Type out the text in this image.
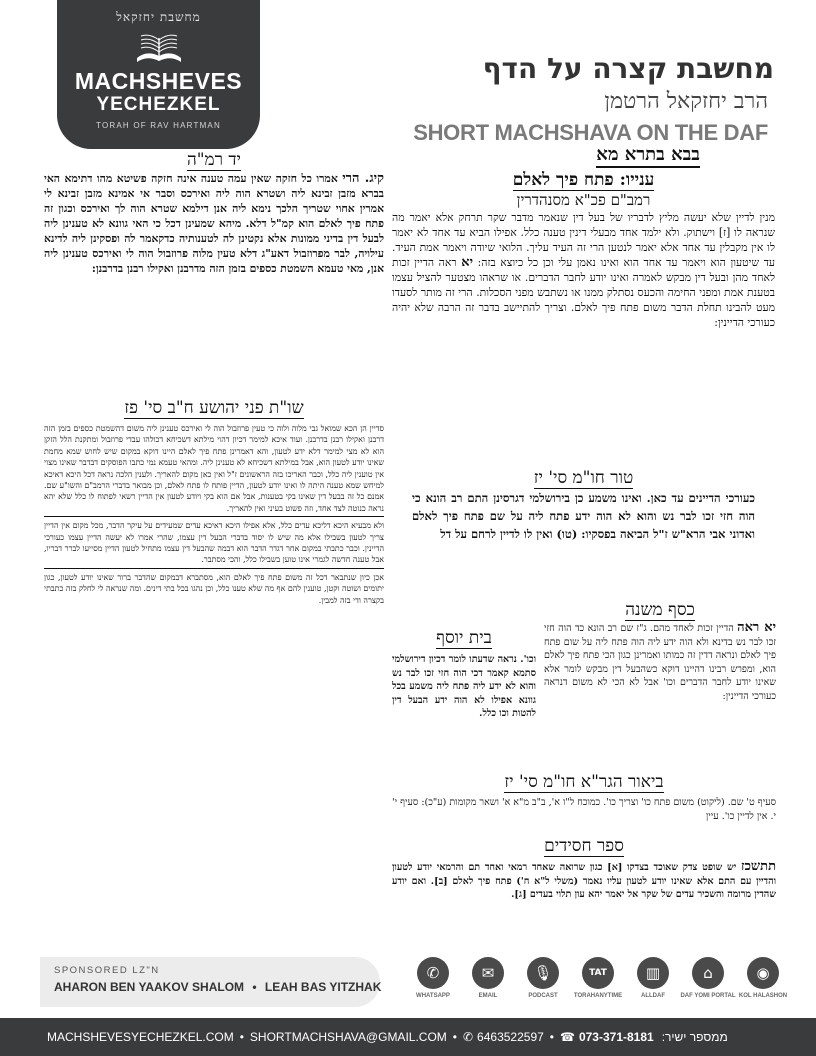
מחשבת יחזקאל
MACHSHEVES
YECHEZKEL
TORAH OF RAV HARTMAN
מחשבת קצרה על הדף
הרב יחזקאל הרטמן
SHORT MACHSHAVA ON THE DAF
בבא בתרא מא
יד רמ"ה
קיג. הרי אמרו כל חזקה שאין עמה טענה אינה חזקה פשיטא מהו דתימא האי בברא מזבן זבינא ליה ושטרא הוה ליה ואירכס וסבר אי אמינא מזבן זבינא לי אמרין אחוי שטריך הלכך נימא ליה אנן דילמא שטרא הוה לך ואירכס וכגון זה פתח פיך לאלם הוא קמ"ל דלא. מיהא שמעינן דכל כי האי גוונא לא טענינן ליה לבעל דין בדיני ממונות אלא נקטינן לה לטענותיה כדקאמר לה ופסקינן ליה לדינא עילויה, לבר מפרוזבול דאע"ג דלא טעין מלוה פרוזבול הוה לי ואירכס טענינן ליה אנן, מאי טעמא השמטת כספים בזמן הזה מדרבנן ואקילו רבנן בדרבנן:
שו"ת פני יהושע ח"ב סי' פז
סדיין הן הכא שמואל גבי מלוה ולוה כי טעין פרוזבול הוה לי ואירכס טענינן ליה משום דהשמטת כספים בזמן הזה דרבנן ואקילו רבנן בדרבנן. ועוד איכא למימר דכיון דהוי מילתא דשכיחא דכולהו עבדי פרוזבול ומתקנת הלל הזקן הוא לא מצי למימר דלא ידע לטעון, והא דאמרינן פתח פיך לאלם היינו דוקא במקום שיש לחוש שמא מחמת שאינו יודע לטעון הוא, אבל במילתא דשכיחא לא טענינן ליה. ומהאי טעמא נמי כתבו הפוסקים דבדבר שאינו מצוי אין טוענין ליה כלל, וכבר האריכו בזה הראשונים ז"ל ואין כאן מקום להאריך. ולענין הלכה נראה דכל היכא דאיכא למיחש שמא טענה היתה לו ואינו יודע לטעון, הדיין פותח לו פתח לאלם, וכן מבואר בדברי הרמב"ם והשו"ע שם. אמנם כל זה בבעל דין שאינו בקי בטענות, אבל אם הוא בקי ויודע לטעון אין הדיין רשאי לפתוח לו כלל שלא יהא נראה כנוטה לצד אחד, וזה פשוט בעיני ואין להאריך.
ולא מבעיא היכא דליכא עדים כלל, אלא אפילו היכא דאיכא עדים שמעידים על עיקר הדבר, מכל מקום אין הדיין צריך לטעון בשבילו אלא מה שיש לו יסוד בדברי הבעל דין עצמו, שהרי אמרו לא יעשה הדיין עצמו כעורכי הדיינין. וכבר כתבתי במקום אחר דגדר הדבר הוא דבמה שהבעל דין עצמו מתחיל לטעון הדיין מסייעו לברר דבריו, אבל טענה חדשה לגמרי אינו טוען בשבילו כלל, והכי מסתבר.
אכן כיון שנתבאר דכל זה משום פתח פיך לאלם הוא, מסתברא דבמקום שהדבר ברור שאינו יודע לטעון, כגון יתומים ושוטה וקטן, טוענין להם אף מה שלא טענו כלל, וכן נהגו בכל בתי דינים. ומה שנראה לי לחלק בזה כתבתי בקצרה ודי בזה למבין.
ענייו: פתח פיך לאלם
רמב"ם פכ"א מסנהדרין
מנין לדיין שלא יעשה מליץ לדבריו של בעל דין שנאמר מדבר שקר תרחק אלא יאמר מה שנראה לו [ז] וישתוק. ולא ילמד אחד מבעלי דינין טענה כלל. אפילו הביא עד אחד לא יאמר לו אין מקבלין עד אחד אלא יאמר לנטען הרי זה העיד עליך. הלואי שיודה ויאמר אמת העיד. עד שיטעון הוא ויאמר עד אחד הוא ואינו נאמן עלי וכן כל כיוצא בזה: יא ראה הדיין זכות לאחד מהן ובעל דין מבקש לאמרה ואינו יודע לחבר הדברים. או שראהו מצטער להציל עצמו בטענת אמת ומפני החימה והכעס נסתלק ממנו או נשתבש מפני הסכלות. הרי זה מותר לסעדו מעט להבינו תחלת הדבר משום פתח פיך לאלם. וצריך להתיישב בדבר זה הרבה שלא יהיה כעורכי הדיינין:
טור חו"מ סי' יז
כעורכי הדיינים עד כאן. ואינו משמע כן בירושלמי דגרסינן התם רב הונא כי הוה חזי זכו לבר נש והוא לא הוה ידע פתח ליה על שם פתח פיך לאלם ואדוני אבי הרא"ש ז"ל הביאה בפסקיו: (טו) ואין לו לדיין לרחם על דל
כסף משנה
יא ראה הדיין זכות לאחד מהם. ג"ז שם רב הונא כד הוה חזי זכו לבר נש בדינא ולא הוה ידע ליה הוה פתח ליה על שום פתח פיך לאלם ונראה דדין זה כמותו ואמרינן כגון הכי פתח פיך לאלם הוא, ומפרש רבינו דהיינו דוקא כשהבעל דין מבקש לומר אלא שאינו יודע לחבר הדברים וכו' אבל לא הכי לא משום דנראה כעורכי הדיינין:
בית יוסף
וכו'. נראה שדעתו לומר דכיון דירושלמי סתמא קאמר דכי הוה חזי זכו לבר נש והוא לא ידע ליה פתח ליה משמע בכל גוונא אפילו לא הוה ידע הבעל דין להטות וכו כלל.
ביאור הגר"א חו"מ סי' יז
סעיף ט' שם. (ליקוט) משום פתח כו' וצריך כו'. כמוכח ל"ו א', ב"ב מ"א א' ושאר מקומות (ע"כ): סעיף י' י. אין לדיין כו'. עיין
ספר חסידים
תתשכז יש שופט צדק שאוכד בצדקו [א] כגון שרואה שאחד רמאי ואחד תם והרמאי יודע לטעון והדיין עם התם אלא שאינו יודע לטעון עליו נאמר (משלי ל"א ח') פתח פיך לאלם [ב]. ואם יודע שהדין מרומה והשכיר עדים של שקר אל יאמר יהא עון תלוי בעדים [ג].
SPONSORED LZ"N
AHARON BEN YAAKOV SHALOM • LEAH BAS YITZHAK
✆
WHATSAPP
✉
EMAIL
🎙
PODCAST
TAT
TORAHANYTIME
▥
ALLDAF
⌂
DAF YOMI PORTAL
◉
KOL HALASHON
MACHSHEVESYECHEZKEL.COM • SHORTMACHSHAVA@GMAIL.COM • ✆ 6463522597 • ☎ 073-371-8181 ממספר ישיר:
